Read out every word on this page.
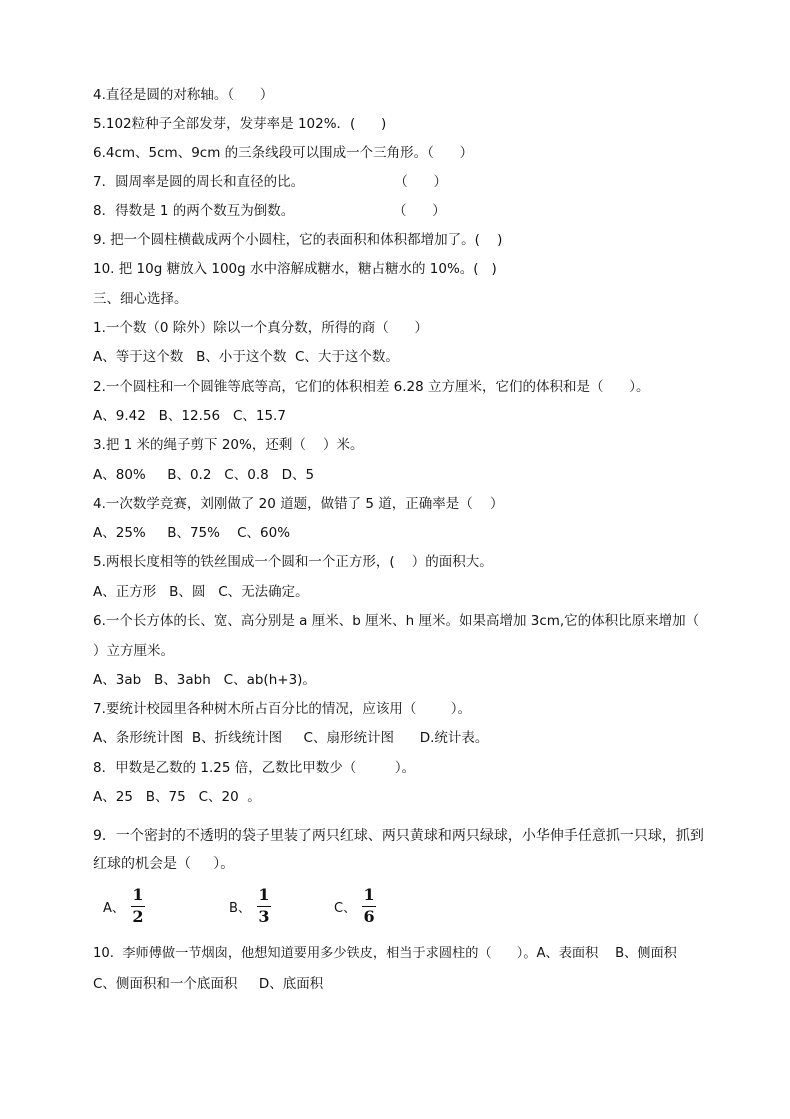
4.直径是圆的对称轴。（      ）
5.102粒种子全部发芽，发芽率是 102%．(      )
6.4cm、5cm、9cm 的三条线段可以围成一个三角形。（      ）
7．圆周率是圆的周长和直径的比。                     （      ）
8．得数是 1 的两个数互为倒数。                       （      ）
9. 把一个圆柱横截成两个小圆柱，它的表面积和体积都增加了。(    )
10. 把 10g 糖放入 100g 水中溶解成糖水，糖占糖水的 10%。(   )
三、细心选择。
1.一个数（0 除外）除以一个真分数，所得的商（      ）
A、等于这个数   B、小于这个数  C、大于这个数。
2.一个圆柱和一个圆锥等底等高，它们的体积相差 6.28 立方厘米，它们的体积和是（      ）。
A、9.42   B、12.56   C、15.7
3.把 1 米的绳子剪下 20%，还剩（    ）米。
A、80%     B、0.2   C、0.8   D、5
4.一次数学竞赛，刘刚做了 20 道题，做错了 5 道，正确率是（    ）
A、25%     B、75%    C、60%
5.两根长度相等的铁丝围成一个圆和一个正方形，(    ）的面积大。
A、正方形   B、圆   C、无法确定。
6.一个长方体的长、宽、高分别是 a 厘米、b 厘米、h 厘米。如果高增加 3cm,它的体积比原来增加（
）立方厘米。
A、3ab   B、3abh   C、ab(h+3)。
7.要统计校园里各种树木所占百分比的情况，应该用（        ）。
A、条形统计图  B、折线统计图     C、扇形统计图      D.统计表。
8．甲数是乙数的 1.25 倍，乙数比甲数少（         ）。
A、25   B、75   C、20  。
9．一个密封的不透明的袋子里装了两只红球、两只黄球和两只绿球，小华伸手任意抓一只球，抓到
红球的机会是（     ）。
A、 $\frac{1}{2}$	B、 $\frac{1}{3}$	C、 $\frac{1}{6}$
10.  李师傅做一节烟囱，他想知道要用多少铁皮，相当于求圆柱的（      ）。A、表面积    B、侧面积
C、侧面积和一个底面积     D、底面积
